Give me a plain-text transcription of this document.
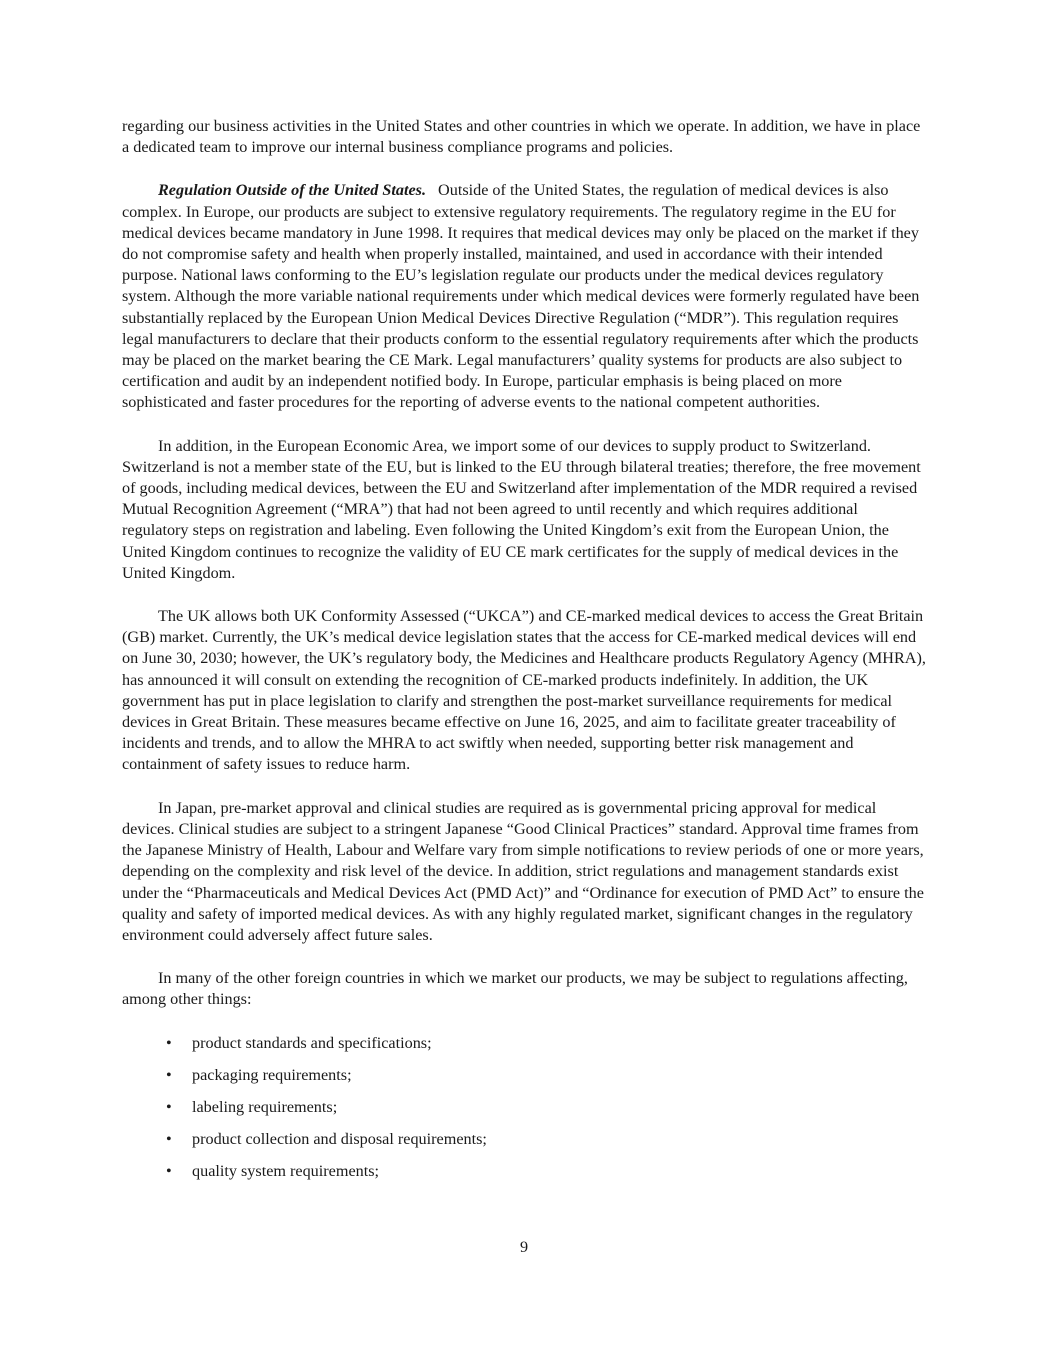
regarding our business activities in the United States and other countries in which we operate. In addition, we have in place a dedicated team to improve our internal business compliance programs and policies.

Regulation Outside of the United States. Outside of the United States, the regulation of medical devices is also complex. In Europe, our products are subject to extensive regulatory requirements. The regulatory regime in the EU for medical devices became mandatory in June 1998. It requires that medical devices may only be placed on the market if they do not compromise safety and health when properly installed, maintained, and used in accordance with their intended purpose. National laws conforming to the EU’s legislation regulate our products under the medical devices regulatory system. Although the more variable national requirements under which medical devices were formerly regulated have been substantially replaced by the European Union Medical Devices Directive Regulation (“MDR”). This regulation requires legal manufacturers to declare that their products conform to the essential regulatory requirements after which the products may be placed on the market bearing the CE Mark. Legal manufacturers’ quality systems for products are also subject to certification and audit by an independent notified body. In Europe, particular emphasis is being placed on more sophisticated and faster procedures for the reporting of adverse events to the national competent authorities.

In addition, in the European Economic Area, we import some of our devices to supply product to Switzerland. Switzerland is not a member state of the EU, but is linked to the EU through bilateral treaties; therefore, the free movement of goods, including medical devices, between the EU and Switzerland after implementation of the MDR required a revised Mutual Recognition Agreement (“MRA”) that had not been agreed to until recently and which requires additional regulatory steps on registration and labeling. Even following the United Kingdom’s exit from the European Union, the United Kingdom continues to recognize the validity of EU CE mark certificates for the supply of medical devices in the United Kingdom.

The UK allows both UK Conformity Assessed (“UKCA”) and CE-marked medical devices to access the Great Britain (GB) market. Currently, the UK’s medical device legislation states that the access for CE-marked medical devices will end on June 30, 2030; however, the UK’s regulatory body, the Medicines and Healthcare products Regulatory Agency (MHRA), has announced it will consult on extending the recognition of CE-marked products indefinitely. In addition, the UK government has put in place legislation to clarify and strengthen the post-market surveillance requirements for medical devices in Great Britain. These measures became effective on June 16, 2025, and aim to facilitate greater traceability of incidents and trends, and to allow the MHRA to act swiftly when needed, supporting better risk management and containment of safety issues to reduce harm.

In Japan, pre-market approval and clinical studies are required as is governmental pricing approval for medical devices. Clinical studies are subject to a stringent Japanese “Good Clinical Practices” standard. Approval time frames from the Japanese Ministry of Health, Labour and Welfare vary from simple notifications to review periods of one or more years, depending on the complexity and risk level of the device. In addition, strict regulations and management standards exist under the “Pharmaceuticals and Medical Devices Act (PMD Act)” and “Ordinance for execution of PMD Act” to ensure the quality and safety of imported medical devices. As with any highly regulated market, significant changes in the regulatory environment could adversely affect future sales.

In many of the other foreign countries in which we market our products, we may be subject to regulations affecting, among other things:

• product standards and specifications;
• packaging requirements;
• labeling requirements;
• product collection and disposal requirements;
• quality system requirements;
9
